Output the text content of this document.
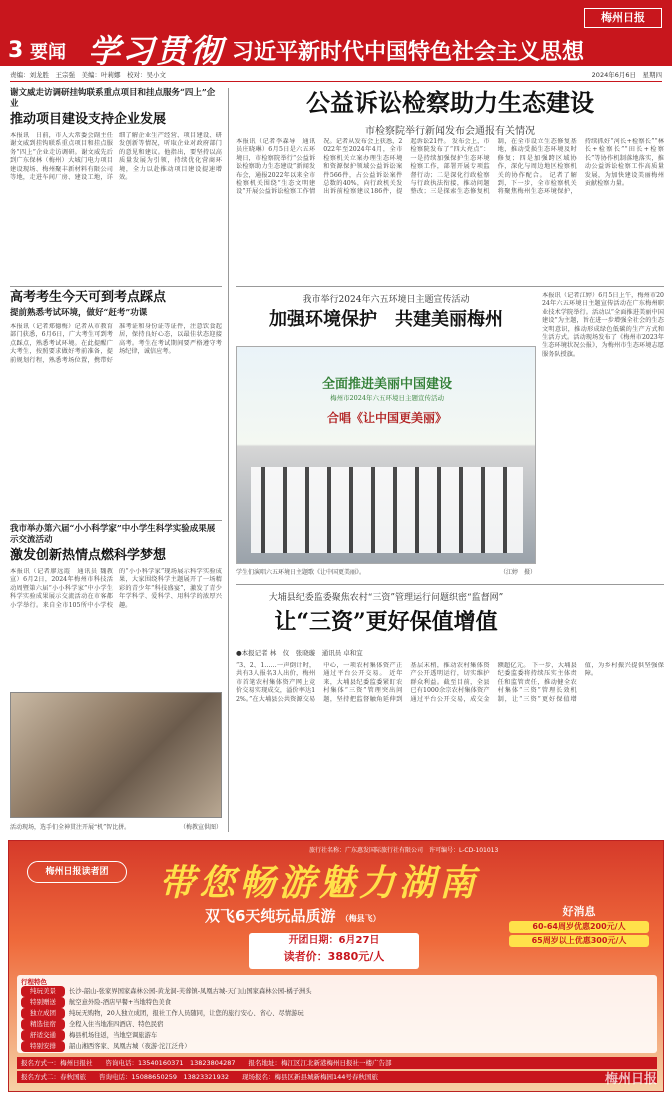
3 要闻 学习贯彻 习近平新时代中国特色社会主义思想
梅州日报
责编：刘龙胜　王宗强　美编：叶莉娜　校对：吴小文	2024年6月6日　星期四
谢文威走访调研挂钩联系重点项目和挂点服务“四上”企业
推动项目建设支持企业发展
本报讯　日前，市人大常委会副主任谢文威到挂钩联系重点项目和挂点服务“四上”企业走访调研。谢文威先后到广东保林（梅州）大城门电力项目建设现场、梅州聚丰新材料有限公司等地，走进车间厂房、建设工地，详细了解企业生产经营、项目建设、研发创新等情况，听取企业对政府部门的意见和建议。他指出，要坚持以高质量发展为引领，持续优化营商环境，全力以赴推动项目建设提速增效。
高考考生今天可到考点踩点
提前熟悉考试环境，做好“赶考”功课
本报讯（记者郑德梅）记者从市教育部门获悉，6月6日，广大考生可到考点踩点，熟悉考试环境。在此提醒广大考生，按照要求做好考前准备，提前规划行程，熟悉考场位置，携带好准考证和身份证等证件，注意饮食起居，保持良好心态，以最佳状态迎接高考。考生在考试期间要严格遵守考场纪律，诚信应考。
我市举办第六届“小小科学家”中小学生科学实验成果展示交流活动
激发创新热情点燃科学梦想
本报讯（记者廖远霞　通讯员 魏教宣）6月2日，2024年梅州市科技活动周暨第六届“小小科学家”中小学生科学实验成果展示交流活动在市客都小学举行。来自全市105所中小学校的“小小科学家”现场展示科学实验成果，大家围绕科学主题展开了一场精彩的青少年“科技盛宴”，激发了青少年学科学、爱科学、用科学的浓厚兴趣。
活动现场，选手们全神贯注开展“机”智比拼。	（梅教宣供图）
公益诉讼检察助力生态建设
市检察院举行新闻发布会通报有关情况
本报讯（记者李森导　通讯员庄晓琳）6月5日是六五环境日，市检察院举行“公益诉讼检察助力生态建设”新闻发布会，通报2022年以来全市检察机关围绕“生态文明建设”开展公益诉讼检察工作情况。记者从发布会上获悉，2022年至2024年4月，全市检察机关立案办理生态环境和资源保护领域公益诉讼案件566件，占公益诉讼案件总数的40%，向行政机关发出诉前检察建议186件，提起诉讼21件。 发布会上，市检察院发布了“四大亮点”：一是持续加强保护生态环境检察工作，部署开展专项监督行动；二是深化行政检察与行政执法衔接，推动问题整改；三是探索生态修复机制，在全市设立生态修复基地，推动受损生态环境及时修复；四是加强跨区域协作，深化与周边地区检察机关的协作配合。 记者了解到，下一步，全市检察机关将聚焦梅州生态环境保护，持续抓好“河长+检察长”“林长+检察长”“田长+检察长”等协作机制落地落实，推动公益诉讼检察工作高质量发展，为加快建设美丽梅州贡献检察力量。
我市举行2024年六五环境日主题宣传活动
加强环境保护　共建美丽梅州
全面推进美丽中国建设
梅州市2024年六五环境日主题宣传活动
合唱《让中国更美丽》
学生们演唱六五环境日主题歌《让中国更美丽》。	（江婷　摄）
本报讯（记者江婷）6月5日上午，梅州市2024年六五环境日主题宣传活动在广东梅州职业技术学院举行。活动以“全面推进美丽中国建设”为主题，旨在进一步增强全社会的生态文明意识，推动形成绿色低碳的生产方式和生活方式。活动现场发布了《梅州市2023年生态环境状况公报》，为梅州市生态环境志愿服务队授旗。
大埔县纪委监委聚焦农村“三资”管理运行问题织密“监督网”
让“三资”更好保值增值
●本报记者 林　仪　张晓璇　通讯员 卓和宜
“3、2、1……一声倒计时，共有3人报名3人出价，梅州市首笔农村集体资产网上竞价交易实现成交，溢价率达12%。”在大埔县公共资源交易中心，一项农村集体资产正通过平台公开交易。 近年来，大埔县纪委监委紧盯农村集体“三资”管理突出问题，坚持把监督触角延伸到基层末梢，推动农村集体资产公开透明运行，切实维护群众利益。截至目前，全县已有1000余宗农村集体资产通过平台公开交易，成交金额超亿元。 下一步，大埔县纪委监委将持续压实主体责任和监管责任，推动健全农村集体“三资”管理长效机制，让“三资”更好保值增值，为乡村振兴提供坚强保障。
旅行社名称：广东惠发国际旅行社有限公司　许可编号：L-CD-101013
梅州日报读者团	带您畅游魅力湖南
双飞6天纯玩品质游 （梅县飞）
好消息
60-64周岁优惠200元/人
65周岁以上优惠300元/人
开团日期：6月27日
读者价：3880元/人
行程特色
纯玩美景 长沙-韶山-张家界国家森林公园-黄龙洞-芙蓉镇-凤凰古城-天门山国家森林公园-橘子洲头
特别赠送 航空意外险-酒店早餐+当地特色美食
独立成团 纯玩无购物，20人独立成团，报社工作人员随同，让您的旅行安心、省心、尽情游玩
精选住宿 全程入住当地准四酒店、特色民宿
舒适交通 梅县机场往返，当地空调旅游车
特别安排 韶山湘西客家、凤凰古城（夜游·沱江泛舟）
报名方式一：梅州日报社　　 咨询电话：13540160371　13823804287　　 报名地址：梅江区江北新港梅州日报社一楼广告部
报名方式二：春秋国旅　　 咨询电话：15088650259　13823321932　　 现场报名：梅县区新县城新梅园144号春秋国旅	梅州日报
